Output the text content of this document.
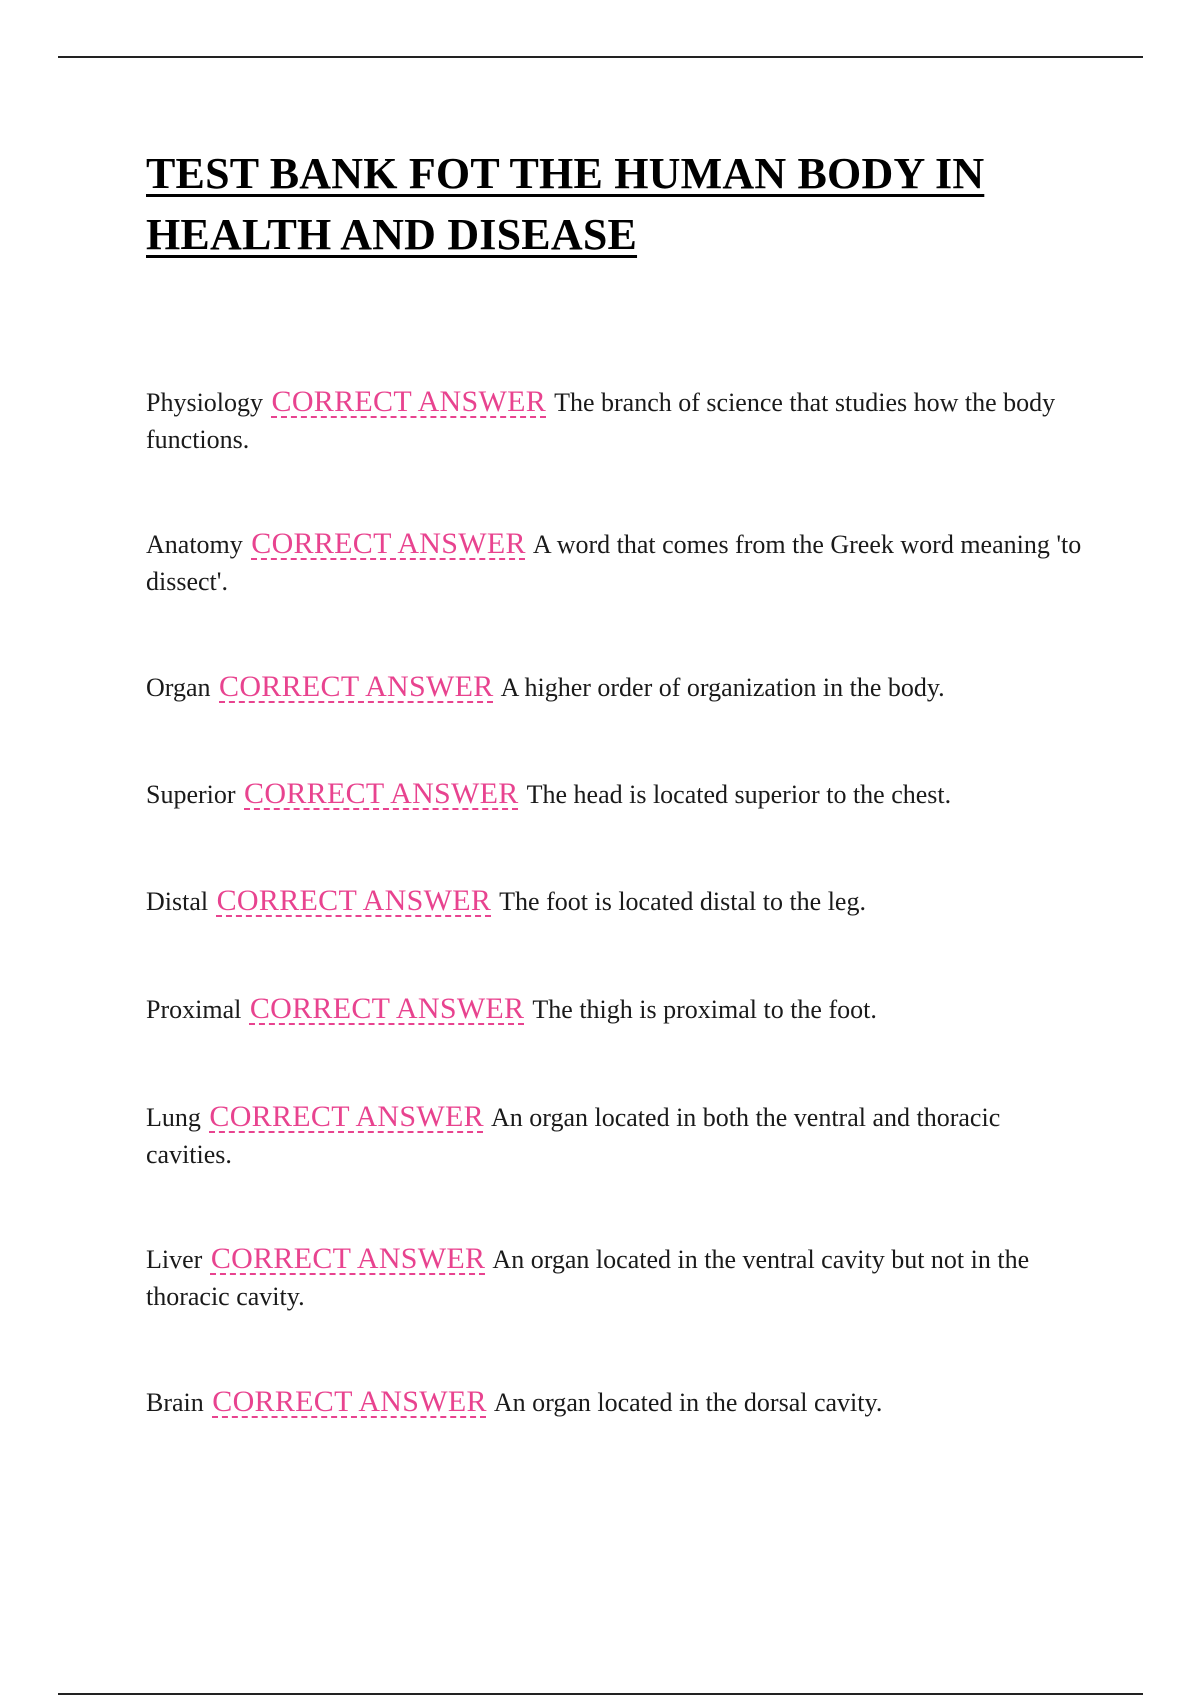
TEST BANK FOT THE HUMAN BODY IN HEALTH AND DISEASE

Physiology CORRECT ANSWER The branch of science that studies how the body functions.

Anatomy CORRECT ANSWER A word that comes from the Greek word meaning 'to dissect'.

Organ CORRECT ANSWER A higher order of organization in the body.

Superior CORRECT ANSWER The head is located superior to the chest.

Distal CORRECT ANSWER The foot is located distal to the leg.

Proximal CORRECT ANSWER The thigh is proximal to the foot.

Lung CORRECT ANSWER An organ located in both the ventral and thoracic cavities.

Liver CORRECT ANSWER An organ located in the ventral cavity but not in the thoracic cavity.

Brain CORRECT ANSWER An organ located in the dorsal cavity.
